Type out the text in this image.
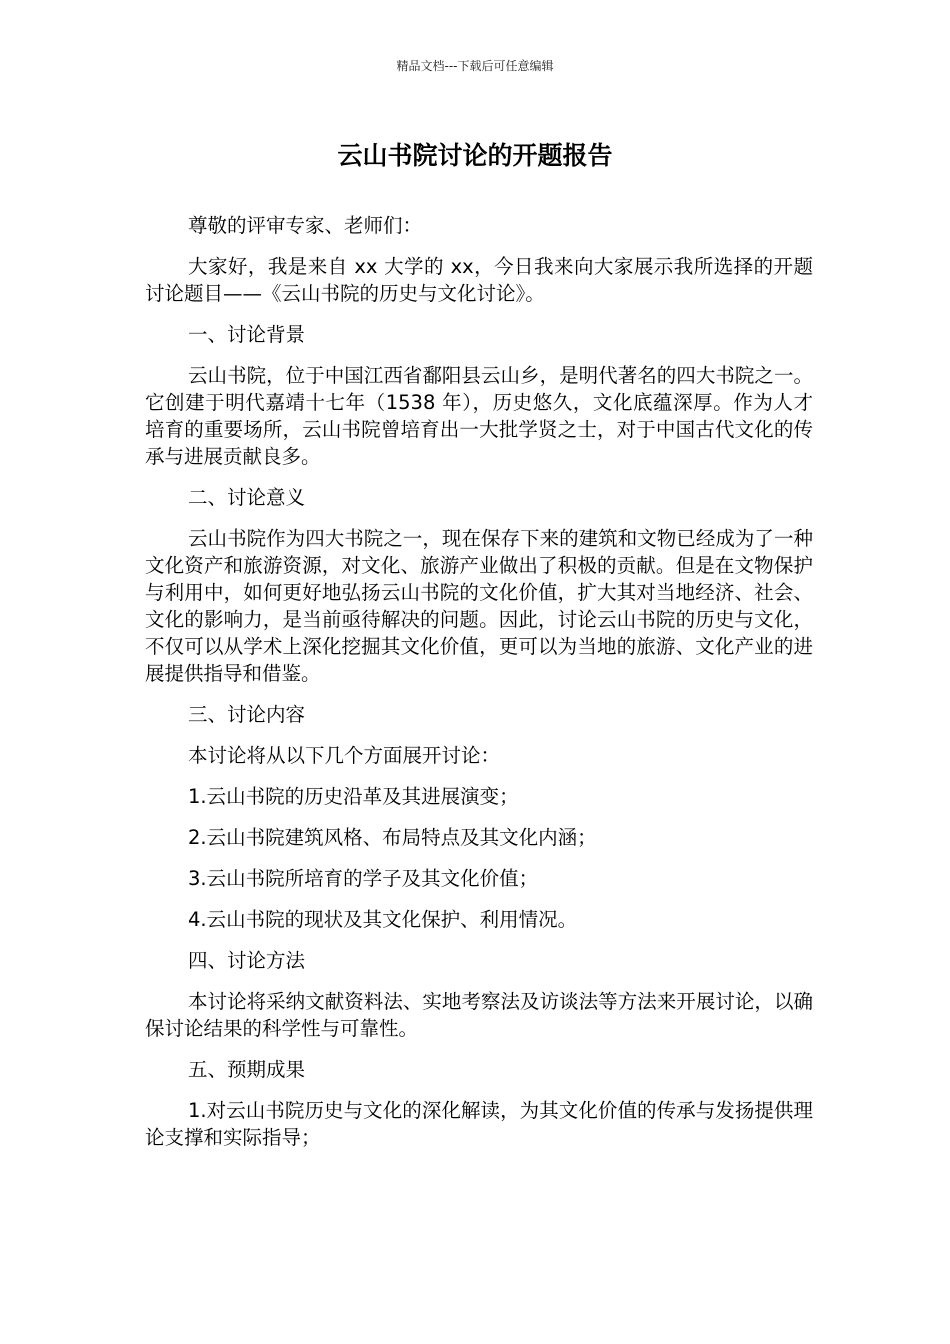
精品文档---下载后可任意编辑
云山书院讨论的开题报告

尊敬的评审专家、老师们：

大家好，我是来自 xx 大学的 xx，今日我来向大家展示我所选择的开题讨论题目——《云山书院的历史与文化讨论》。

一、讨论背景

云山书院，位于中国江西省鄱阳县云山乡，是明代著名的四大书院之一。它创建于明代嘉靖十七年（1538 年），历史悠久，文化底蕴深厚。作为人才培育的重要场所，云山书院曾培育出一大批学贤之士，对于中国古代文化的传承与进展贡献良多。

二、讨论意义

云山书院作为四大书院之一，现在保存下来的建筑和文物已经成为了一种文化资产和旅游资源，对文化、旅游产业做出了积极的贡献。但是在文物保护与利用中，如何更好地弘扬云山书院的文化价值，扩大其对当地经济、社会、文化的影响力，是当前亟待解决的问题。因此，讨论云山书院的历史与文化，不仅可以从学术上深化挖掘其文化价值，更可以为当地的旅游、文化产业的进展提供指导和借鉴。

三、讨论内容

本讨论将从以下几个方面展开讨论：

1.云山书院的历史沿革及其进展演变；

2.云山书院建筑风格、布局特点及其文化内涵；

3.云山书院所培育的学子及其文化价值；

4.云山书院的现状及其文化保护、利用情况。

四、讨论方法

本讨论将采纳文献资料法、实地考察法及访谈法等方法来开展讨论，以确保讨论结果的科学性与可靠性。

五、预期成果

1.对云山书院历史与文化的深化解读，为其文化价值的传承与发扬提供理论支撑和实际指导；
